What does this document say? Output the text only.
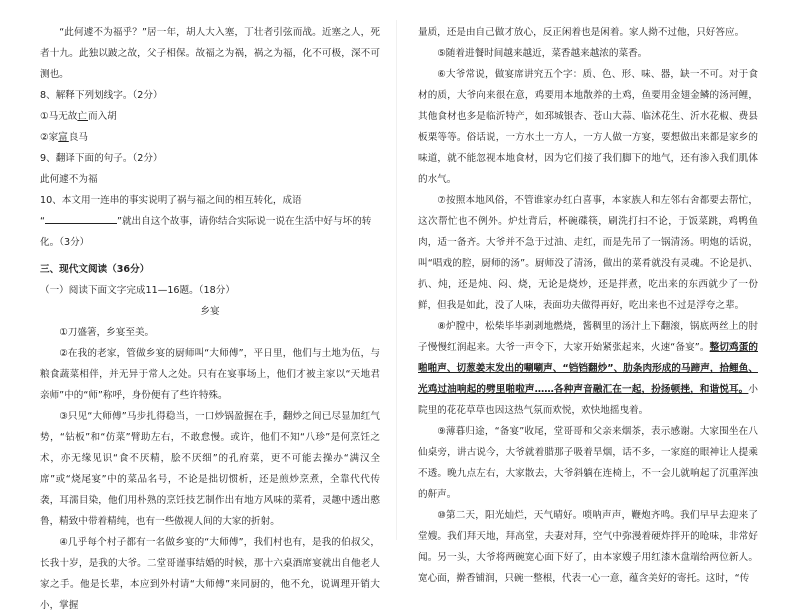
“此何遽不为福乎？”居一年，胡人大入塞，丁壮者引弦而战。近塞之人，死者十九。此独以跛之故，父子相保。故福之为祸，祸之为福，化不可极，深不可测也。

8、解释下列划线字。（2分）

①马无故亡而入胡 ②家富良马

9、翻译下面的句子。（2分）

此何遽不为福

10、本文用一连串的事实说明了祸与福之间的相互转化，成语

“	”就出自这个故事，请你结合实际说一说在生活中好与坏的转

化。（3分）

三、现代文阅读（36分）

（一）阅读下面文字完成11—16题。（18分）

乡宴

①刀盛箸，乡宴至美。

②在我的老家，管做乡宴的厨师叫“大师傅”，平日里，他们与土地为伍，与粮食蔬菜相伴，并无异于常人之处。只有在宴事场上，他们才被主家以“天地君亲师”中的“师”称呼，身份便有了些许特殊。

③只见“大师傅”马步扎得稳当，一口炒锅盈握在手，翻炒之间已尽显加红气势，“钻板”和“仿菜”臂助左右，不敢怠慢。或许，他们不知“八珍”是何烹饪之术，亦无缘见识“食不厌精，脍不厌细”的孔府菜，更不可能去操办“满汉全席”或“烧尾宴”中的菜品名号，不论是拙切惯析，还是煎炒烹煮，全靠代代传袭，耳濡目染，他们用朴熟的烹饪技艺制作出有地方风味的菜肴，灵趣中透出憨鲁，精致中带着精纯，也有一些傲视人间的大家的折射。

④几乎每个村子都有一名做乡宴的“大师傅”，我们村也有，是我的伯叔父，长我十岁，是我的大爷。二堂哥谨事结婚的时候，那十六桌酒席宴就出自他老人家之手。他是长辈，本应到外村请“大师傅”来同厨的，他不允，说调理开销大小，掌握

量质，还是由自己做才放心，反正闲着也是闲着。家人拗不过他，只好答应。

⑤随着进餐时间越来越近，菜香越来越浓的菜香。

⑥大爷常说，做宴席讲究五个字：质、色、形、味、器，缺一不可。对于食材的质，大爷向来很在意，鸡要用本地散养的土鸡，鱼要用金翅金鳞的汤河鲤，其他食材也多是临沂特产，如邳城银杏、苍山大蒜、临沭花生、沂水花椒、费县板栗等等。俗话说，一方水土一方人，一方人做一方宴，要想做出来都是家乡的味道，就不能忽视本地食材，因为它们接了我们脚下的地气，还有渗入我们肌体的水气。

⑦按照本地风俗，不管谁家办红白喜事，本家族人和左邻右舍都要去帮忙，这次帮忙也不例外。炉灶背后，杯碗碟筷，刷洗打扫不论，于饭菜跳，鸡鸭鱼肉，适一备齐。大爷并不急于过油、走红，而是先吊了一锅清汤。明炮的话说，叫“唱戏的腔，厨师的汤”。厨师没了清汤，做出的菜肴就没有灵魂。不论是扒、扒、炖，还是炖、闷、烧，无论是烧炒，还是拌煮，吃出来的东西就少了一份鲜，但我是如此，没了人味，表面功夫做得再好，吃出来也不过是浮夸之辈。

⑧炉膛中，松柴毕毕剥剥地燃烧，酱稠里的汤汁上下翻滚，锅底两丝上的肘子慢慢红润起来。大爷一声令下，大家开始紧张起来，火速“备宴”。整切鸡蛋的啪啪声、切葱姜末发出的唰唰声、“铛铛翻炒”、肋条肉形成的马蹄声，拾鲤鱼、光鸡过油响起的劈里啪啦声……各种声音融汇在一起，扮扬顿挫，和谐悦耳。小院里的花花草草也因这热气氛而欢悦，欢快地摇曳着。

⑨薄暮归途，“备宴”收尾，堂哥哥和父亲来烟茶，表示感谢。大家围坐在八仙桌旁，讲古说今，大爷就着腊那子吸着旱烟，话不多，一家庭的眼神让人提乘不透。晚九点左右，大家散去，大爷斜躺在连椅上，不一会儿就响起了沉重浑浊的鼾声。

⑩第二天，阳光灿烂，天气晴好。唢呐声声，鞭炮齐鸣。我们早早去迎来了堂嫂。我们拜天地，拜高堂，夫妻对拜，空气中弥漫着硬炸拌开的呛味，非常好闻。另一头，大爷将两碗宽心面下好了，由本家嫂子用红漆木盘端给两位新人。宽心面，擀香铺润，只碗一整根，代表一心一意，蕴含美好的寄托。这时，“传
